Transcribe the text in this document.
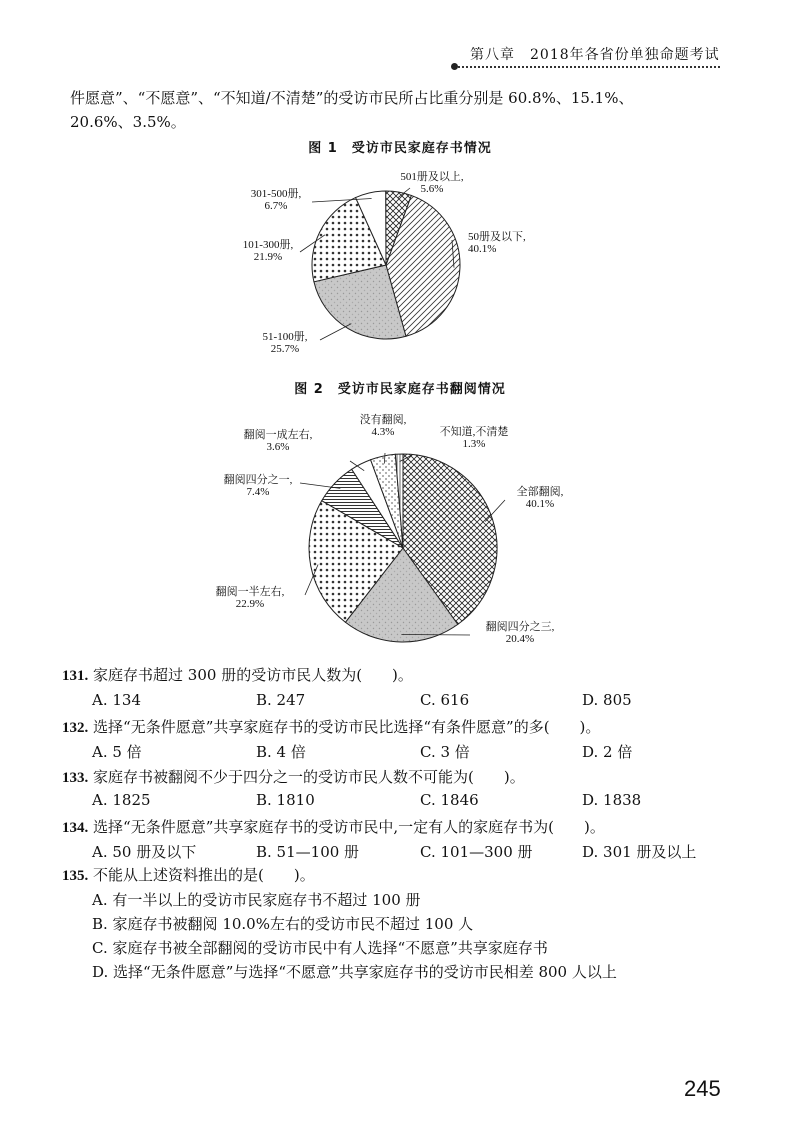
第八章　2018年各省份单独命题考试
件愿意”、“不愿意”、“不知道/不清楚”的受访市民所占比重分别是 60.8%、15.1%、
20.6%、3.5%。
图 1　受访市民家庭存书情况
50册及以下,
40.1%
51-100册,
25.7%
101-300册,
21.9%
301-500册,
6.7%
501册及以上,
5.6%
图 2　受访市民家庭存书翻阅情况
全部翻阅,
40.1%
翻阅四分之三,
20.4%
翻阅一半左右,
22.9%
翻阅四分之一,
7.4%
翻阅一成左右,
3.6%
没有翻阅,
4.3%	不知道,不清楚
1.3%
131. 家庭存书超过 300 册的受访市民人数为(　　)。
A. 134	B. 247	C. 616	D. 805
132. 选择“无条件愿意”共享家庭存书的受访市民比选择“有条件愿意”的多(　　)。
A. 5 倍	B. 4 倍	C. 3 倍	D. 2 倍
133. 家庭存书被翻阅不少于四分之一的受访市民人数不可能为(　　)。
A. 1825	B. 1810	C. 1846	D. 1838
134. 选择“无条件愿意”共享家庭存书的受访市民中,一定有人的家庭存书为(　　)。
A. 50 册及以下	B. 51—100 册	C. 101—300 册	D. 301 册及以上
135. 不能从上述资料推出的是(　　)。
A. 有一半以上的受访市民家庭存书不超过 100 册
B. 家庭存书被翻阅 10.0%左右的受访市民不超过 100 人
C. 家庭存书被全部翻阅的受访市民中有人选择“不愿意”共享家庭存书
D. 选择“无条件愿意”与选择“不愿意”共享家庭存书的受访市民相差 800 人以上
245
